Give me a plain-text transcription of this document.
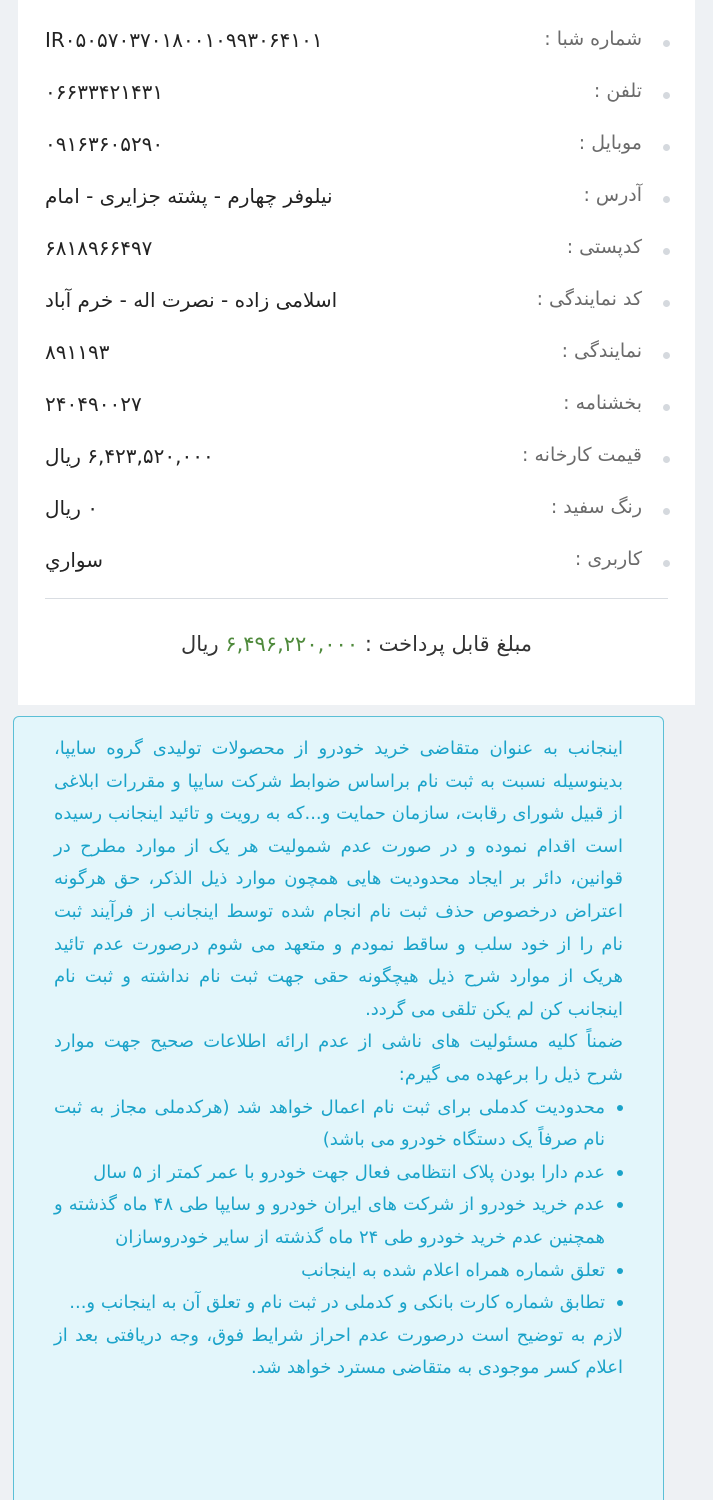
شماره شبا :
IR۰۵۰۵۷۰۳۷۰۱۸۰۰۱۰۹۹۳۰۶۴۱۰۱
تلفن :
۰۶۶۳۳۴۲۱۴۳۱
موبایل :
۰۹۱۶۳۶۰۵۲۹۰
آدرس :
نیلوفر چهارم - پشته جزایری - امام
کدپستی :
۶۸۱۸۹۶۶۴۹۷
کد نمایندگی :
اسلامی زاده - نصرت اله - خرم آباد
نمایندگی :
۸۹۱۱۹۳
بخشنامه :
۲۴۰۴۹۰۰۲۷
قیمت کارخانه :
۶,۴۲۳,۵۲۰,۰۰۰ ریال
رنگ سفید :
۰ ریال
کاربری :
سواري
مبلغ قابل پرداخت : ۶,۴۹۶,۲۲۰,۰۰۰ ریال

اینجانب به عنوان متقاضی خرید خودرو از محصولات تولیدی گروه سایپا، بدینوسیله نسبت به ثبت نام براساس ضوابط شرکت سایپا و مقررات ابلاغی از قبیل شورای رقابت، سازمان حمایت و...که به رویت و تائید اینجانب رسیده است اقدام نموده و در صورت عدم شمولیت هر یک از موارد مطرح در قوانین، دائر بر ایجاد محدودیت هایی همچون موارد ذیل الذکر، حق هرگونه اعتراض درخصوص حذف ثبت نام انجام شده توسط اینجانب از فرآیند ثبت نام را از خود سلب و ساقط نمودم و متعهد می شوم درصورت عدم تائید هریک از موارد شرح ذیل هیچگونه حقی جهت ثبت نام نداشته و ثبت نام اینجانب کن لم یکن تلقی می گردد.

ضمناً کلیه مسئولیت های ناشی از عدم ارائه اطلاعات صحیح جهت موارد شرح ذیل را برعهده می گیرم:

محدودیت کدملی برای ثبت نام اعمال خواهد شد (هرکدملی مجاز به ثبت نام صرفاً یک دستگاه خودرو می باشد)
عدم دارا بودن پلاک انتظامی فعال جهت خودرو با عمر کمتر از ۵ سال
عدم خرید خودرو از شرکت های ایران خودرو و سایپا طی ۴۸ ماه گذشته و همچنین عدم خرید خودرو طی ۲۴ ماه گذشته از سایر خودروسازان
تعلق شماره همراه اعلام شده به اینجانب
تطابق شماره کارت بانکی و کدملی در ثبت نام و تعلق آن به اینجانب و...

لازم به توضیح است درصورت عدم احراز شرایط فوق، وجه دریافتی بعد از اعلام کسر موجودی به متقاضی مسترد خواهد شد.
